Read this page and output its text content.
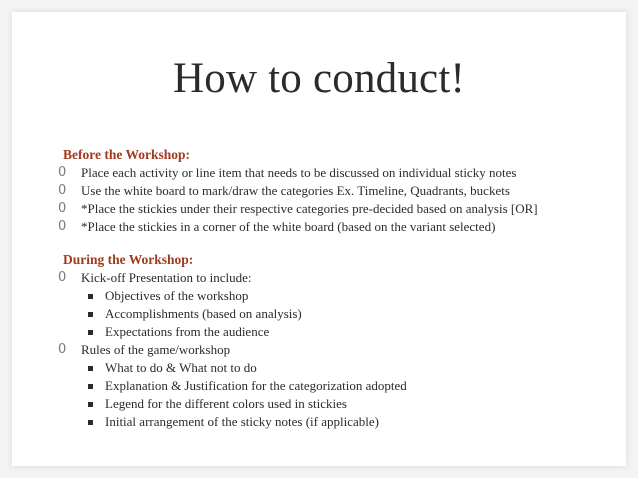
How to conduct!
Before the Workshop:
0 Place each activity or line item that needs to be discussed on individual sticky notes
0 Use the white board to mark/draw the categories Ex. Timeline, Quadrants, buckets
0 *Place the stickies under their respective categories pre-decided based on analysis [OR]
0 *Place the stickies in a corner of the white board (based on the variant selected)
During the Workshop:
0 Kick-off Presentation to include:
Objectives of the workshop
Accomplishments (based on analysis)
Expectations from the audience
0 Rules of the game/workshop
What to do & What not to do
Explanation & Justification for the categorization adopted
Legend for the different colors used in stickies
Initial arrangement of the sticky notes (if applicable)
